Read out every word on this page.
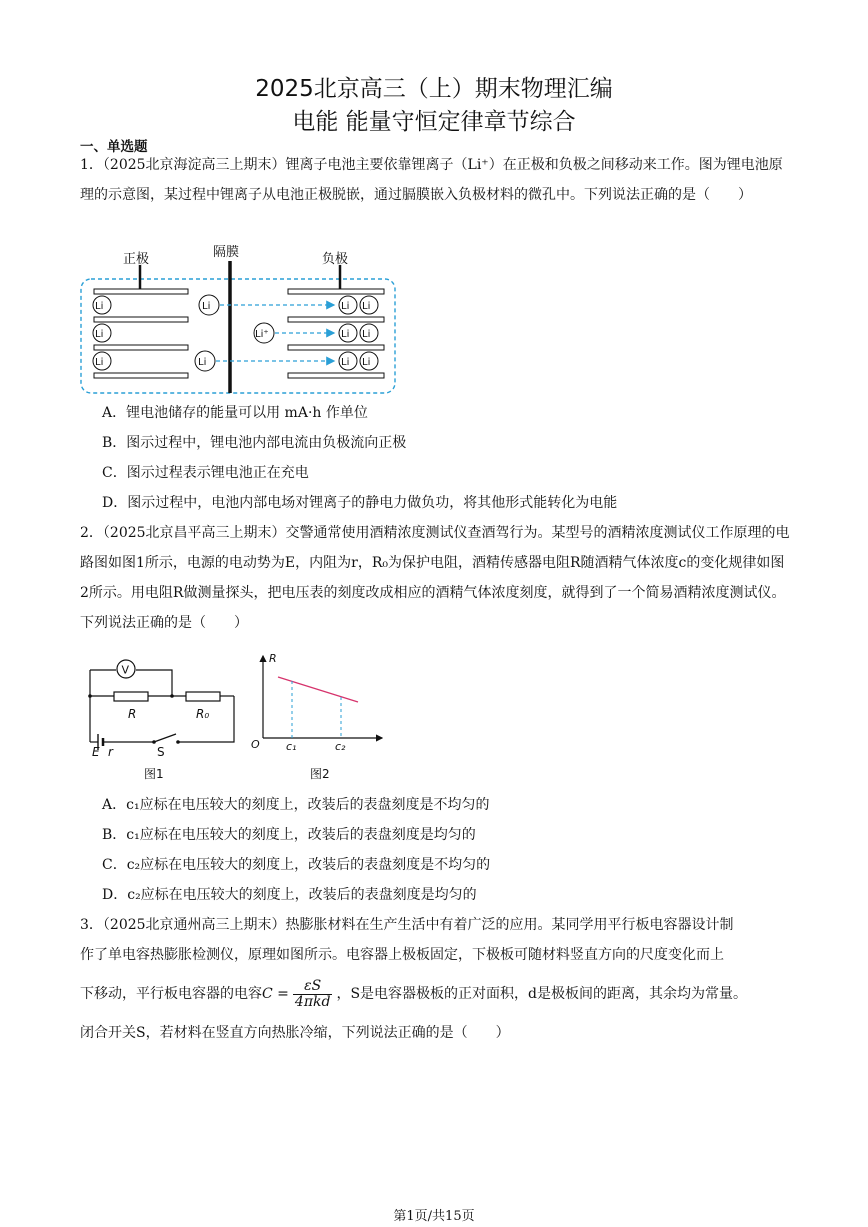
2025北京高三（上）期末物理汇编
电能 能量守恒定律章节综合
一、单选题
1．（2025北京海淀高三上期末）锂离子电池主要依靠锂离子（Li⁺）在正极和负极之间移动来工作。图为锂电池原理的示意图，某过程中锂离子从电池正极脱嵌，通过膈膜嵌入负极材料的微孔中。下列说法正确的是（　　）
正极	隔膜	负极
Li
Li
Li
Li
Li
Li⁺
Li Li
Li Li
Li Li
A．锂电池储存的能量可以用 mA·h 作单位
B．图示过程中，锂电池内部电流由负极流向正极
C．图示过程表示锂电池正在充电
D．图示过程中，电池内部电场对锂离子的静电力做负功，将其他形式能转化为电能
2．（2025北京昌平高三上期末）交警通常使用酒精浓度测试仪查酒驾行为。某型号的酒精浓度测试仪工作原理的电路图如图1所示，电源的电动势为E，内阻为r，R₀为保护电阻，酒精传感器电阻R随酒精气体浓度c的变化规律如图2所示。用电阻R做测量探头，把电压表的刻度改成相应的酒精气体浓度刻度，就得到了一个简易酒精浓度测试仪。下列说法正确的是（　　）
V
R	R₀
E r	S
图1
R
O c₁	c₂
图2
A．c₁应标在电压较大的刻度上，改装后的表盘刻度是不均匀的
B．c₁应标在电压较大的刻度上，改装后的表盘刻度是均匀的
C．c₂应标在电压较大的刻度上，改装后的表盘刻度是不均匀的
D．c₂应标在电压较大的刻度上，改装后的表盘刻度是均匀的
3．（2025北京通州高三上期末）热膨胀材料在生产生活中有着广泛的应用。某同学用平行板电容器设计制
作了单电容热膨胀检测仪，原理如图所示。电容器上极板固定，下极板可随材料竖直方向的尺度变化而上
下移动，平行板电容器的电容$C = \frac{\varepsilon S}{\text{4πkd}}$ ，S是电容器极板的正对面积，d是极板间的距离，其余均为常量。
闭合开关S，若材料在竖直方向热胀冷缩，下列说法正确的是（　　）
第1页/共15页
